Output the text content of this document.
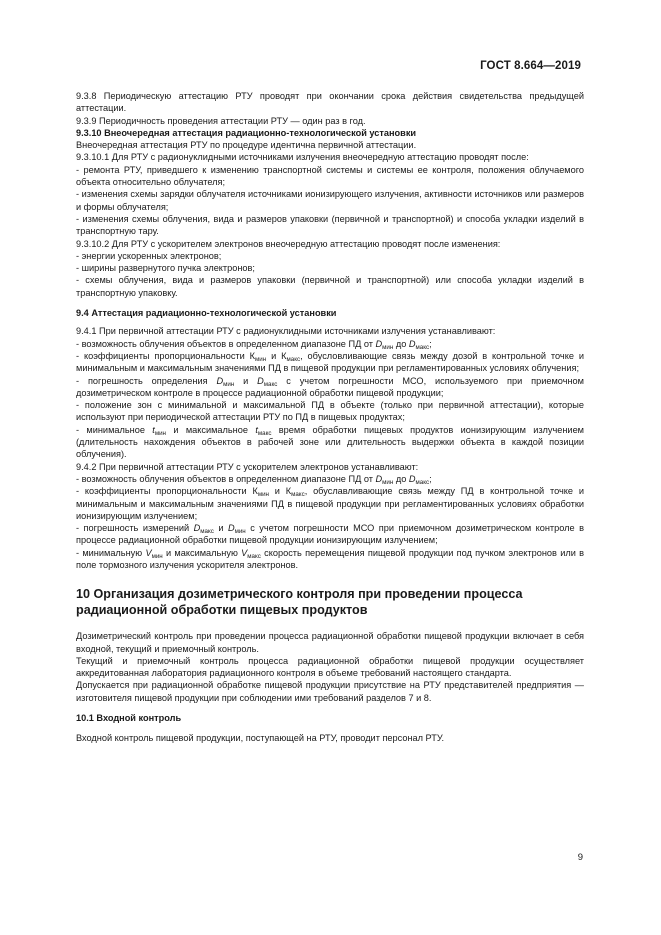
ГОСТ 8.664—2019

9.3.8 Периодическую аттестацию РТУ проводят при окончании срока действия свидетельства предыдущей аттестации.

9.3.9 Периодичность проведения аттестации РТУ — один раз в год.

9.3.10 Внеочередная аттестация радиационно-технологической установки

Внеочередная аттестация РТУ по процедуре идентична первичной аттестации.

9.3.10.1 Для РТУ с радионуклидными источниками излучения внеочередную аттестацию проводят после:

- ремонта РТУ, приведшего к изменению транспортной системы и системы ее контроля, положения облучаемого объекта относительно облучателя;

- изменения схемы зарядки облучателя источниками ионизирующего излучения, активности источников или размеров и формы облучателя;

- изменения схемы облучения, вида и размеров упаковки (первичной и транспортной) и способа укладки изделий в транспортную тару.

9.3.10.2 Для РТУ с ускорителем электронов внеочередную аттестацию проводят после изменения:

- энергии ускоренных электронов;

- ширины развернутого пучка электронов;

- схемы облучения, вида и размеров упаковки (первичной и транспортной) или способа укладки изделий в транспортную упаковку.

9.4 Аттестация радиационно-технологической установки

9.4.1 При первичной аттестации РТУ с радионуклидными источниками излучения устанавливают:

- возможность облучения объектов в определенном диапазоне ПД от $D_{мин}$ до $D_{макс}$;

- коэффициенты пропорциональности $К_{мин}$ и $К_{макс}$, обусловливающие связь между дозой в контрольной точке и минимальным и максимальным значениями ПД в пищевой продукции при регламентированных условиях облучения;

- погрешность определения $D_{мин}$ и $D_{макс}$ с учетом погрешности МСО, используемого при приемочном дозиметрическом контроле в процессе радиационной обработки пищевой продукции;

- положение зон с минимальной и максимальной ПД в объекте (только при первичной аттестации), которые используют при периодической аттестации РТУ по ПД в пищевых продуктах;

- минимальное $t_{мин}$ и максимальное $t_{макс}$ время обработки пищевых продуктов ионизирующим излучением (длительность нахождения объектов в рабочей зоне или длительность выдержки объекта в каждой позиции облучения).

9.4.2 При первичной аттестации РТУ с ускорителем электронов устанавливают:

- возможность облучения объектов в определенном диапазоне ПД от $D_{мин}$ до $D_{макс}$;

- коэффициенты пропорциональности $К_{мин}$ и $К_{макс}$, обуславливающие связь между ПД в контрольной точке и минимальным и максимальным значениями ПД в пищевой продукции при регламентированных условиях обработки ионизирующим излучением;

- погрешность измерений $D_{макс}$ и $D_{мин}$ с учетом погрешности МСО при приемочном дозиметрическом контроле в процессе радиационной обработки пищевой продукции ионизирующим излучением;

- минимальную $V_{мин}$ и максимальную $V_{макс}$ скорость перемещения пищевой продукции под пучком электронов или в поле тормозного излучения ускорителя электронов.

10 Организация дозиметрического контроля при проведении процесса
радиационной обработки пищевых продуктов

Дозиметрический контроль при проведении процесса радиационной обработки пищевой продукции включает в себя входной, текущий и приемочный контроль.

Текущий и приемочный контроль процесса радиационной обработки пищевой продукции осуществляет аккредитованная лаборатория радиационного контроля в объеме требований настоящего стандарта.

Допускается при радиационной обработке пищевой продукции присутствие на РТУ представителей предприятия — изготовителя пищевой продукции при соблюдении ими требований разделов 7 и 8.

10.1 Входной контроль

Входной контроль пищевой продукции, поступающей на РТУ, проводит персонал РТУ.

9
